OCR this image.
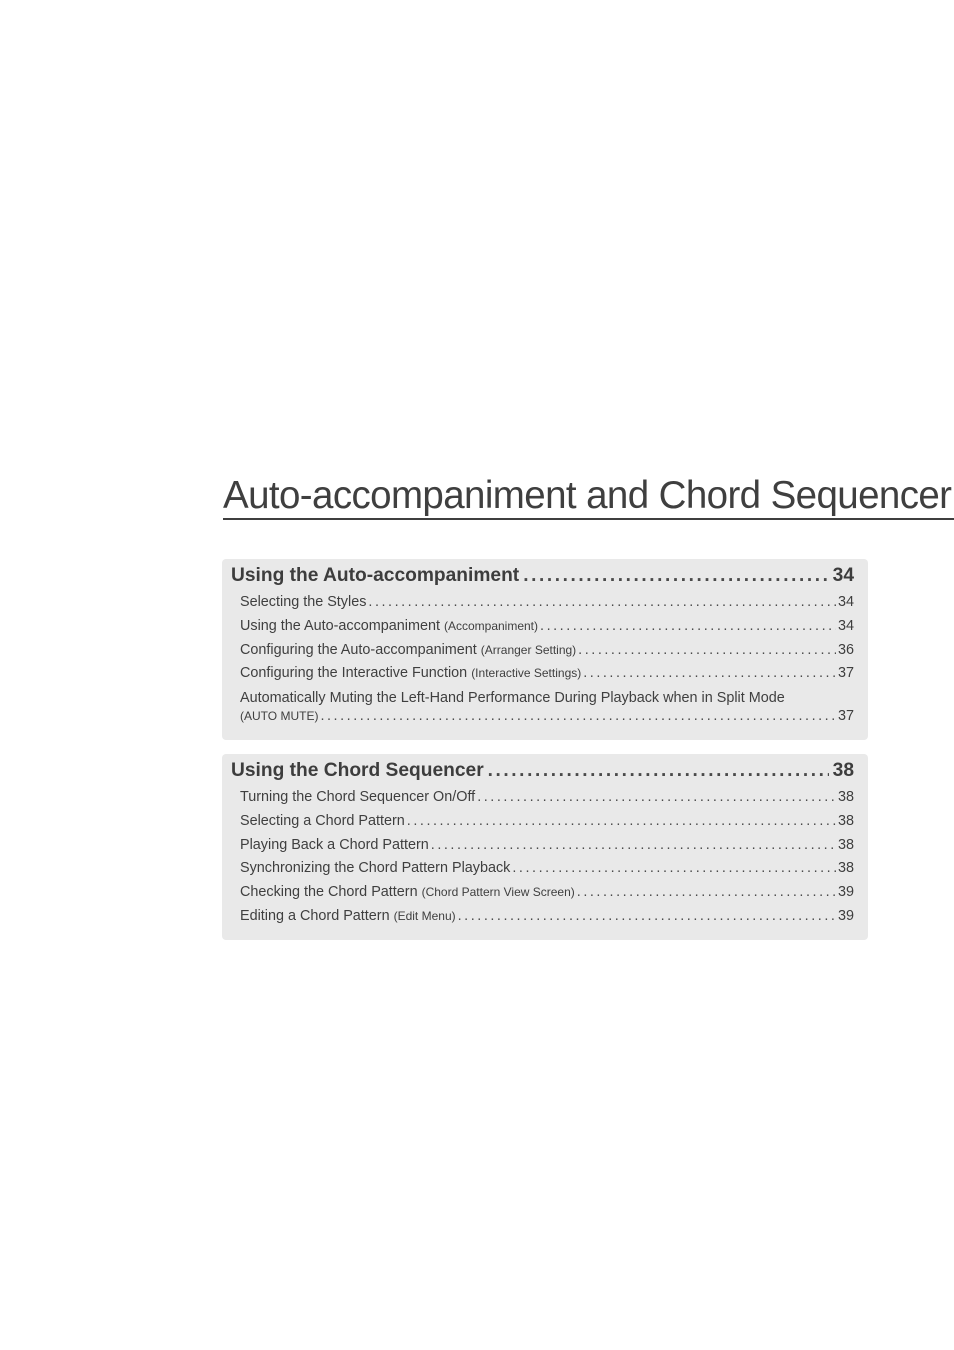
Auto-accompaniment and Chord Sequencer
Using the Auto-accompaniment .....	34
Selecting the Styles .....	34
Using the Auto-accompaniment
(Accompaniment) .....	34
Configuring the Auto-accompaniment
(Arranger Setting) .....	36
Configuring the Interactive Function
(Interactive Settings) .....	37
Automatically Muting the Left-Hand Performance During Playback when in Split Mode
(AUTO MUTE) .....	37
Using the Chord Sequencer .....	38
Turning the Chord Sequencer On/Off .....	38
Selecting a Chord Pattern .....	38
Playing Back a Chord Pattern .....	38
Synchronizing the Chord Pattern Playback .....	38
Checking the Chord Pattern
(Chord Pattern View Screen) .....	39
Editing a Chord Pattern
(Edit Menu) .....	39
